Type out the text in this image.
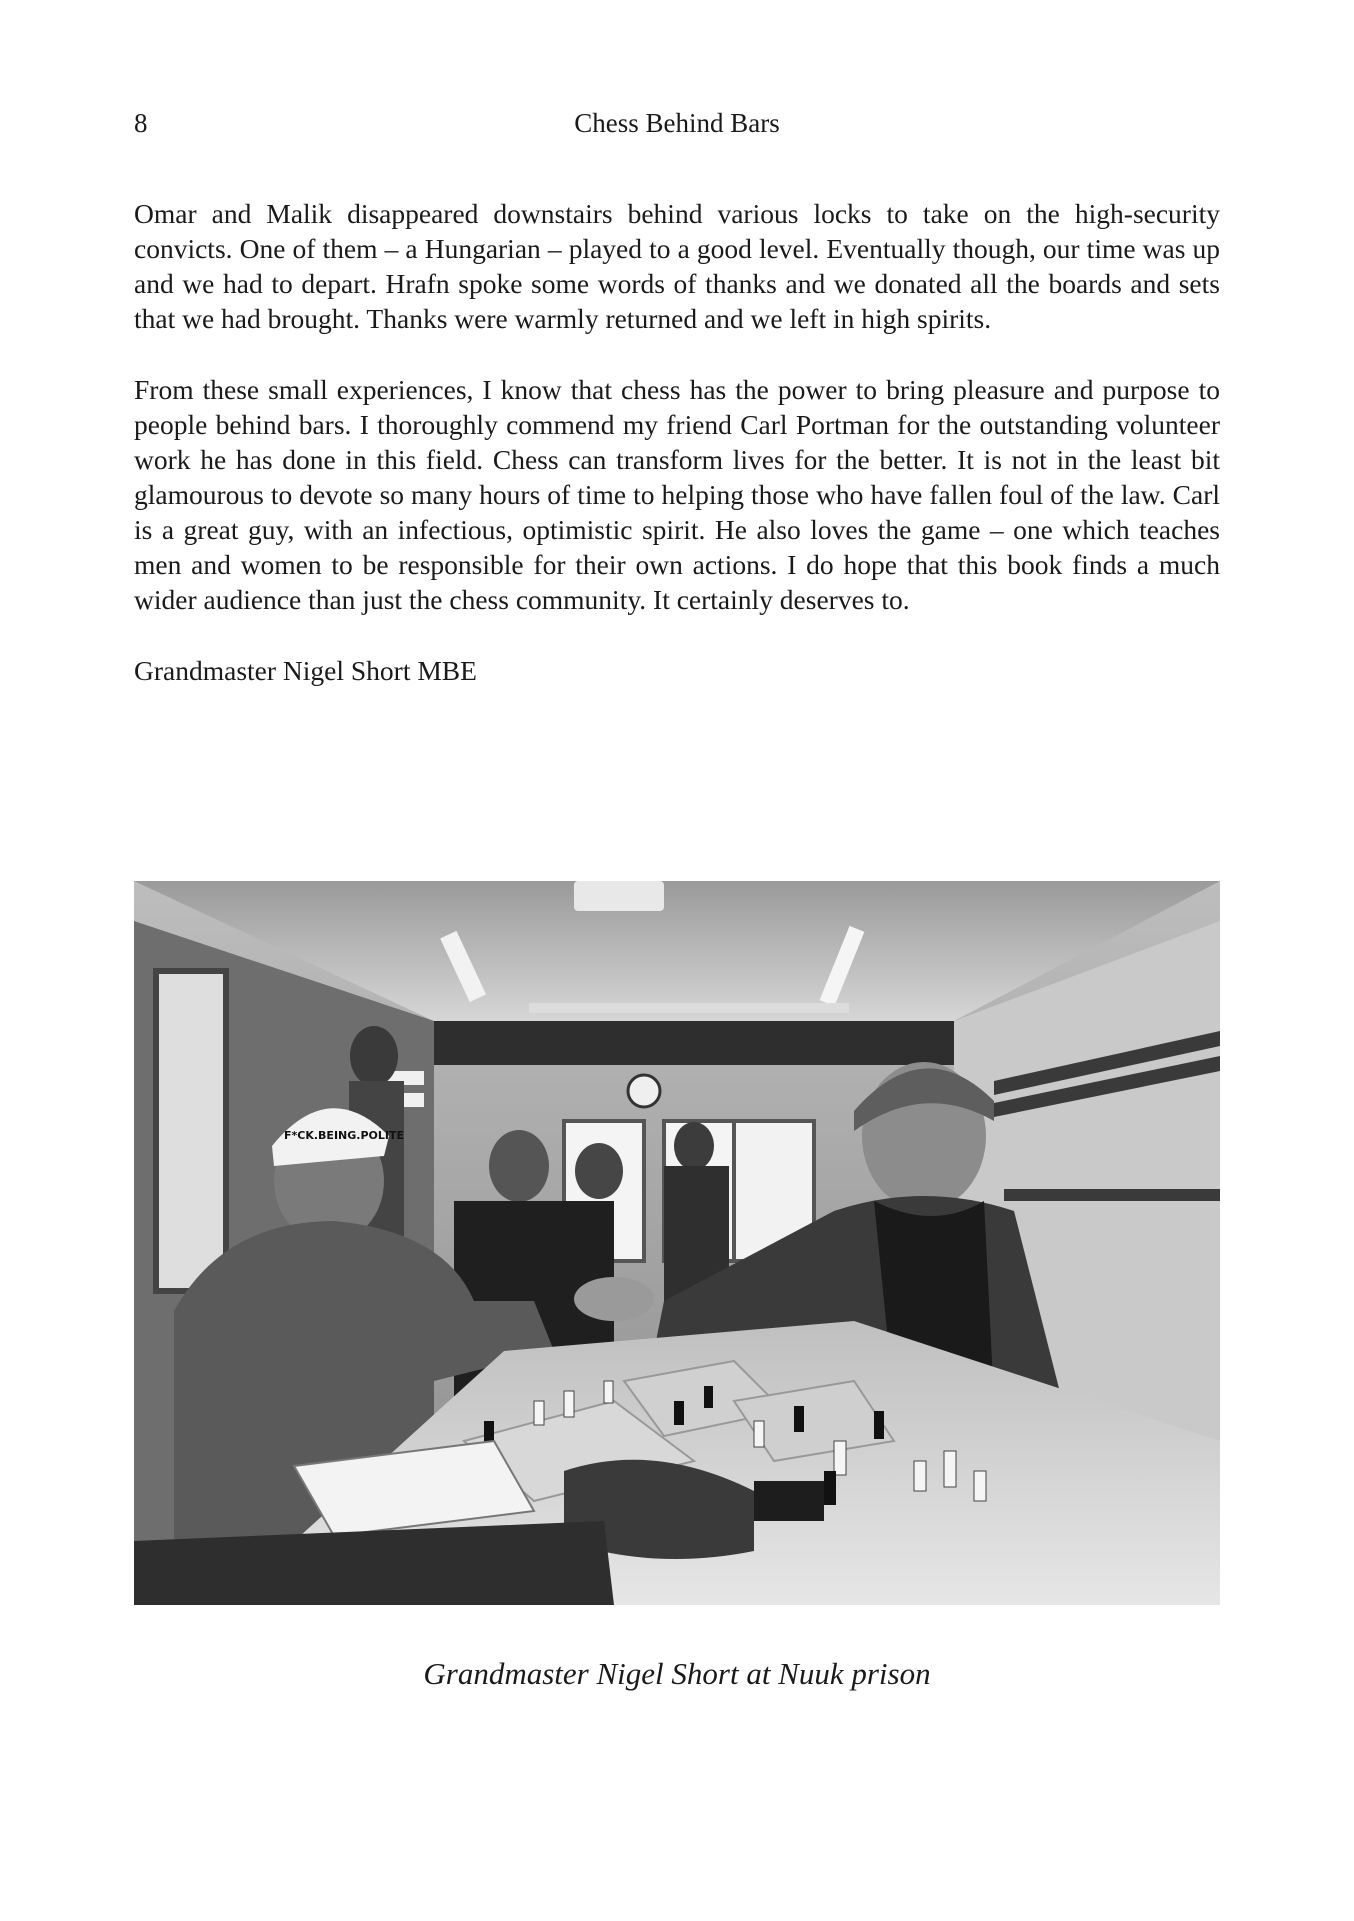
8	Chess Behind Bars

Omar and Malik disappeared downstairs behind various locks to take on the high-security convicts. One of them – a Hungarian – played to a good level. Eventually though, our time was up and we had to depart. Hrafn spoke some words of thanks and we donated all the boards and sets that we had brought. Thanks were warmly returned and we left in high spirits.

From these small experiences, I know that chess has the power to bring pleasure and purpose to people behind bars. I thoroughly commend my friend Carl Portman for the outstanding volunteer work he has done in this field. Chess can transform lives for the better. It is not in the least bit glamourous to devote so many hours of time to helping those who have fallen foul of the law. Carl is a great guy, with an infectious, optimistic spirit. He also loves the game – one which teaches men and women to be responsible for their own actions. I do hope that this book finds a much wider audience than just the chess community. It certainly deserves to.

Grandmaster Nigel Short MBE

F*CK.BEING.POLITE
Grandmaster Nigel Short at Nuuk prison
